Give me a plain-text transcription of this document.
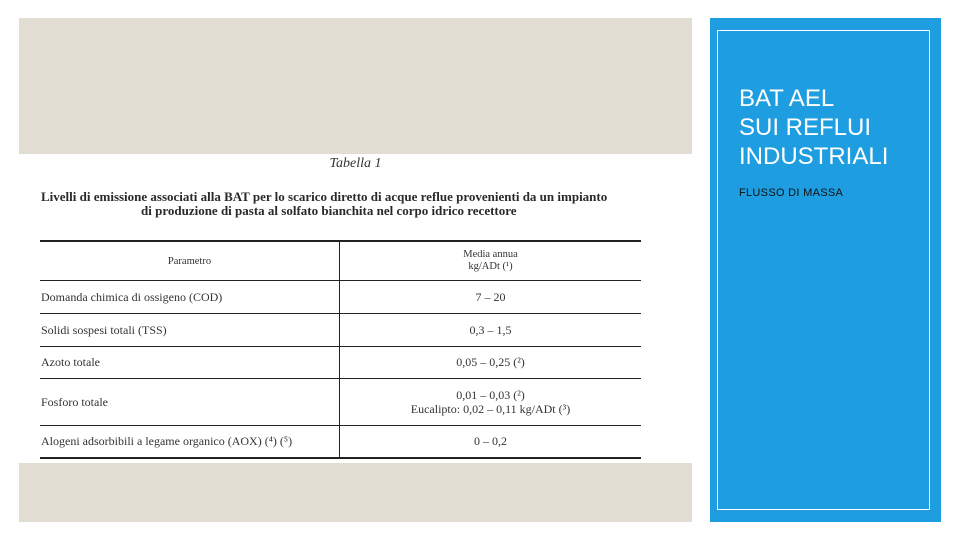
Tabella 1
Livelli di emissione associati alla BAT per lo scarico diretto di acque reflue provenienti da un impianto
di produzione di pasta al solfato bianchita nel corpo idrico recettore
Parametro	Media annua
kg/ADt (¹)

Domanda chimica di ossigeno (COD)	7 – 20
Solidi sospesi totali (TSS)	0,3 – 1,5
Azoto totale	0,05 – 0,25 (²)
Fosforo totale	0,01 – 0,03 (²)
Eucalipto: 0,02 – 0,11 kg/ADt (³)

Alogeni adsorbibili a legame organico (AOX) (⁴) (⁵)	0 – 0,2
BAT AEL
SUI REFLUI
INDUSTRIALI
FLUSSO DI MASSA
